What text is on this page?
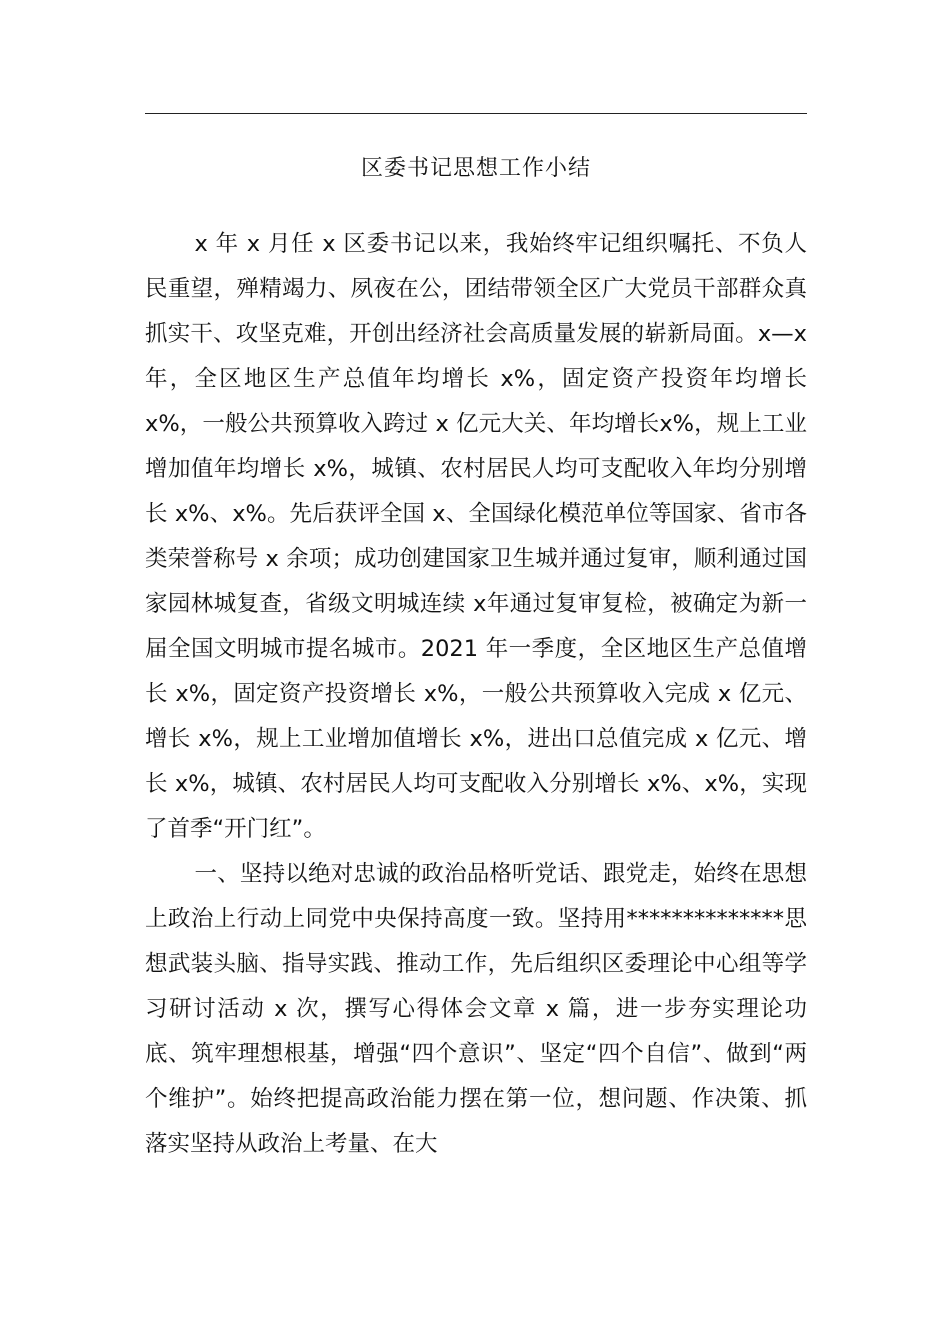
区委书记思想工作小结

x 年 x 月任 x 区委书记以来，我始终牢记组织嘱托、不负人民重望，殚精竭力、夙夜在公，团结带领全区广大党员干部群众真抓实干、攻坚克难，开创出经济社会高质量发展的崭新局面。x—x 年，全区地区生产总值年均增长 x%，固定资产投资年均增长 x%，一般公共预算收入跨过 x 亿元大关、年均增长x%，规上工业增加值年均增长 x%，城镇、农村居民人均可支配收入年均分别增长 x%、x%。先后获评全国 x、全国绿化模范单位等国家、省市各类荣誉称号 x 余项；成功创建国家卫生城并通过复审，顺利通过国家园林城复查，省级文明城连续 x年通过复审复检，被确定为新一届全国文明城市提名城市。2021 年一季度，全区地区生产总值增长 x%，固定资产投资增长 x%，一般公共预算收入完成 x 亿元、增长 x%，规上工业增加值增长 x%，进出口总值完成 x 亿元、增长 x%，城镇、农村居民人均可支配收入分别增长 x%、x%，实现了首季“开门红”。

一、坚持以绝对忠诚的政治品格听党话、跟党走，始终在思想上政治上行动上同党中央保持高度一致。坚持用**************思想武装头脑、指导实践、推动工作，先后组织区委理论中心组等学习研讨活动 x 次，撰写心得体会文章 x 篇，进一步夯实理论功底、筑牢理想根基，增强“四个意识”、坚定“四个自信”、做到“两个维护”。始终把提高政治能力摆在第一位，想问题、作决策、抓落实坚持从政治上考量、在大
